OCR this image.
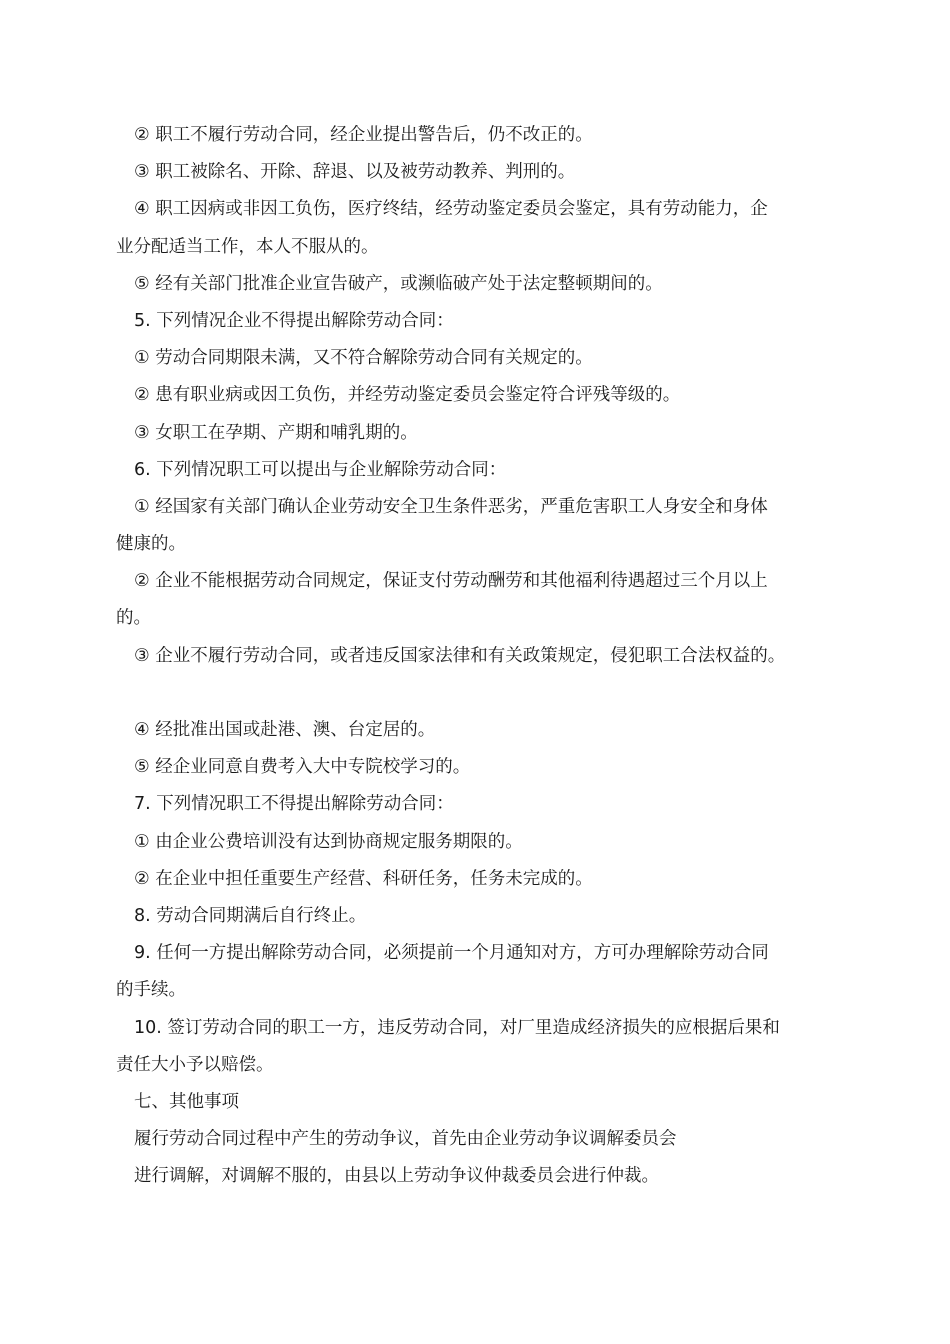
② 职工不履行劳动合同，经企业提出警告后，仍不改正的。
③ 职工被除名、开除、辞退、以及被劳动教养、判刑的。
④ 职工因病或非因工负伤，医疗终结，经劳动鉴定委员会鉴定，具有劳动能力，企
业分配适当工作，本人不服从的。
⑤ 经有关部门批准企业宣告破产，或濒临破产处于法定整顿期间的。
5. 下列情况企业不得提出解除劳动合同：
① 劳动合同期限未满，又不符合解除劳动合同有关规定的。
② 患有职业病或因工负伤，并经劳动鉴定委员会鉴定符合评残等级的。
③ 女职工在孕期、产期和哺乳期的。
6. 下列情况职工可以提出与企业解除劳动合同：
① 经国家有关部门确认企业劳动安全卫生条件恶劣，严重危害职工人身安全和身体
健康的。
② 企业不能根据劳动合同规定，保证支付劳动酬劳和其他福利待遇超过三个月以上
的。
③ 企业不履行劳动合同，或者违反国家法律和有关政策规定，侵犯职工合法权益的。
④ 经批准出国或赴港、澳、台定居的。
⑤ 经企业同意自费考入大中专院校学习的。
7. 下列情况职工不得提出解除劳动合同：
① 由企业公费培训没有达到协商规定服务期限的。
② 在企业中担任重要生产经营、科研任务，任务未完成的。
8. 劳动合同期满后自行终止。
9. 任何一方提出解除劳动合同，必须提前一个月通知对方，方可办理解除劳动合同
的手续。
10. 签订劳动合同的职工一方，违反劳动合同，对厂里造成经济损失的应根据后果和
责任大小予以赔偿。
七、其他事项
履行劳动合同过程中产生的劳动争议，首先由企业劳动争议调解委员会
进行调解，对调解不服的，由县以上劳动争议仲裁委员会进行仲裁。
